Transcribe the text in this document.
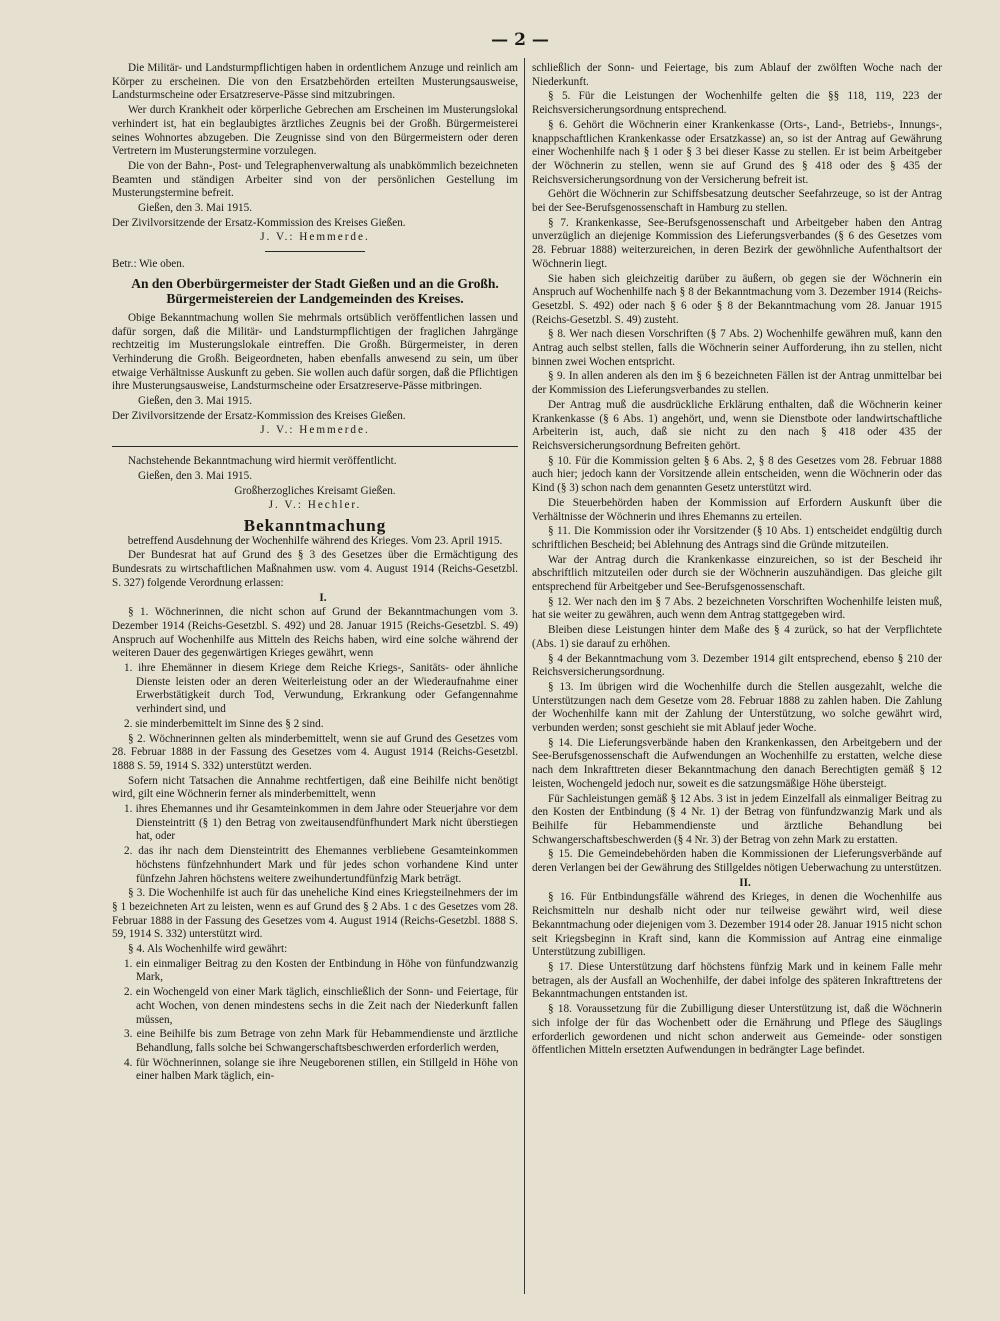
— 2 —

Die Militär- und Landsturmpflichtigen haben in ordentlichem Anzuge und reinlich am Körper zu erscheinen. Die von den Ersatzbehörden erteilten Musterungsausweise, Landsturmscheine oder Ersatzreserve-Pässe sind mitzubringen.

Wer durch Krankheit oder körperliche Gebrechen am Erscheinen im Musterungslokal verhindert ist, hat ein beglaubigtes ärztliches Zeugnis bei der Großh. Bürgermeisterei seines Wohnortes abzugeben. Die Zeugnisse sind von den Bürgermeistern oder deren Vertretern im Musterungstermine vorzulegen.

Die von der Bahn-, Post- und Telegraphenverwaltung als unabkömmlich bezeichneten Beamten und ständigen Arbeiter sind von der persönlichen Gestellung im Musterungstermine befreit.

Gießen, den 3. Mai 1915.

Der Zivilvorsitzende der Ersatz-Kommission des Kreises Gießen.

J. V.: Hemmerde.

Betr.: Wie oben.

An den Oberbürgermeister der Stadt Gießen und an die Großh. Bürgermeistereien der Landgemeinden des Kreises.

Obige Bekanntmachung wollen Sie mehrmals ortsüblich veröffentlichen lassen und dafür sorgen, daß die Militär- und Landsturmpflichtigen der fraglichen Jahrgänge rechtzeitig im Musterungslokale eintreffen. Die Großh. Bürgermeister, in deren Verhinderung die Großh. Beigeordneten, haben ebenfalls anwesend zu sein, um über etwaige Verhältnisse Auskunft zu geben. Sie wollen auch dafür sorgen, daß die Pflichtigen ihre Musterungsausweise, Landsturmscheine oder Ersatzreserve-Pässe mitbringen.

Gießen, den 3. Mai 1915.

Der Zivilvorsitzende der Ersatz-Kommission des Kreises Gießen.

J. V.: Hemmerde.

Nachstehende Bekanntmachung wird hiermit veröffentlicht.

Gießen, den 3. Mai 1915.

Großherzogliches Kreisamt Gießen.

J. V.: Hechler.

Bekanntmachung

betreffend Ausdehnung der Wochenhilfe während des Krieges. Vom 23. April 1915.

Der Bundesrat hat auf Grund des § 3 des Gesetzes über die Ermächtigung des Bundesrats zu wirtschaftlichen Maßnahmen usw. vom 4. August 1914 (Reichs-Gesetzbl. S. 327) folgende Verordnung erlassen:

I.

§ 1. Wöchnerinnen, die nicht schon auf Grund der Bekanntmachungen vom 3. Dezember 1914 (Reichs-Gesetzbl. S. 492) und 28. Januar 1915 (Reichs-Gesetzbl. S. 49) Anspruch auf Wochenhilfe aus Mitteln des Reichs haben, wird eine solche während der weiteren Dauer des gegenwärtigen Krieges gewährt, wenn

1. ihre Ehemänner in diesem Kriege dem Reiche Kriegs-, Sanitäts- oder ähnliche Dienste leisten oder an deren Weiterleistung oder an der Wiederaufnahme einer Erwerbstätigkeit durch Tod, Verwundung, Erkrankung oder Gefangennahme verhindert sind, und
2. sie minderbemittelt im Sinne des § 2 sind.

§ 2. Wöchnerinnen gelten als minderbemittelt, wenn sie auf Grund des Gesetzes vom 28. Februar 1888 in der Fassung des Gesetzes vom 4. August 1914 (Reichs-Gesetzbl. 1888 S. 59, 1914 S. 332) unterstützt werden.

Sofern nicht Tatsachen die Annahme rechtfertigen, daß eine Beihilfe nicht benötigt wird, gilt eine Wöchnerin ferner als minderbemittelt, wenn

1. ihres Ehemannes und ihr Gesamteinkommen in dem Jahre oder Steuerjahre vor dem Diensteintritt (§ 1) den Betrag von zweitausendfünfhundert Mark nicht überstiegen hat, oder
2. das ihr nach dem Diensteintritt des Ehemannes verbliebene Gesamteinkommen höchstens fünfzehnhundert Mark und für jedes schon vorhandene Kind unter fünfzehn Jahren höchstens weitere zweihundertundfünfzig Mark beträgt.

§ 3. Die Wochenhilfe ist auch für das uneheliche Kind eines Kriegsteilnehmers der im § 1 bezeichneten Art zu leisten, wenn es auf Grund des § 2 Abs. 1 c des Gesetzes vom 28. Februar 1888 in der Fassung des Gesetzes vom 4. August 1914 (Reichs-Gesetzbl. 1888 S. 59, 1914 S. 332) unterstützt wird.

§ 4. Als Wochenhilfe wird gewährt:

1. ein einmaliger Beitrag zu den Kosten der Entbindung in Höhe von fünfundzwanzig Mark,
2. ein Wochengeld von einer Mark täglich, einschließlich der Sonn- und Feiertage, für acht Wochen, von denen mindestens sechs in die Zeit nach der Niederkunft fallen müssen,
3. eine Beihilfe bis zum Betrage von zehn Mark für Hebammendienste und ärztliche Behandlung, falls solche bei Schwangerschaftsbeschwerden erforderlich werden,
4. für Wöchnerinnen, solange sie ihre Neugeborenen stillen, ein Stillgeld in Höhe von einer halben Mark täglich, ein-

schließlich der Sonn- und Feiertage, bis zum Ablauf der zwölften Woche nach der Niederkunft.

§ 5. Für die Leistungen der Wochenhilfe gelten die §§ 118, 119, 223 der Reichsversicherungsordnung entsprechend.

§ 6. Gehört die Wöchnerin einer Krankenkasse (Orts-, Land-, Betriebs-, Innungs-, knappschaftlichen Krankenkasse oder Ersatzkasse) an, so ist der Antrag auf Gewährung einer Wochenhilfe nach § 1 oder § 3 bei dieser Kasse zu stellen. Er ist beim Arbeitgeber der Wöchnerin zu stellen, wenn sie auf Grund des § 418 oder des § 435 der Reichsversicherungsordnung von der Versicherung befreit ist.

Gehört die Wöchnerin zur Schiffsbesatzung deutscher Seefahrzeuge, so ist der Antrag bei der See-Berufsgenossenschaft in Hamburg zu stellen.

§ 7. Krankenkasse, See-Berufsgenossenschaft und Arbeitgeber haben den Antrag unverzüglich an diejenige Kommission des Lieferungsverbandes (§ 6 des Gesetzes vom 28. Februar 1888) weiterzureichen, in deren Bezirk der gewöhnliche Aufenthaltsort der Wöchnerin liegt.

Sie haben sich gleichzeitig darüber zu äußern, ob gegen sie der Wöchnerin ein Anspruch auf Wochenhilfe nach § 8 der Bekanntmachung vom 3. Dezember 1914 (Reichs-Gesetzbl. S. 492) oder nach § 6 oder § 8 der Bekanntmachung vom 28. Januar 1915 (Reichs-Gesetzbl. S. 49) zusteht.

§ 8. Wer nach diesen Vorschriften (§ 7 Abs. 2) Wochenhilfe gewähren muß, kann den Antrag auch selbst stellen, falls die Wöchnerin seiner Aufforderung, ihn zu stellen, nicht binnen zwei Wochen entspricht.

§ 9. In allen anderen als den im § 6 bezeichneten Fällen ist der Antrag unmittelbar bei der Kommission des Lieferungsverbandes zu stellen.

Der Antrag muß die ausdrückliche Erklärung enthalten, daß die Wöchnerin keiner Krankenkasse (§ 6 Abs. 1) angehört, und, wenn sie Dienstbote oder landwirtschaftliche Arbeiterin ist, auch, daß sie nicht zu den nach § 418 oder 435 der Reichsversicherungsordnung Befreiten gehört.

§ 10. Für die Kommission gelten § 6 Abs. 2, § 8 des Gesetzes vom 28. Februar 1888 auch hier; jedoch kann der Vorsitzende allein entscheiden, wenn die Wöchnerin oder das Kind (§ 3) schon nach dem genannten Gesetz unterstützt wird.

Die Steuerbehörden haben der Kommission auf Erfordern Auskunft über die Verhältnisse der Wöchnerin und ihres Ehemanns zu erteilen.

§ 11. Die Kommission oder ihr Vorsitzender (§ 10 Abs. 1) entscheidet endgültig durch schriftlichen Bescheid; bei Ablehnung des Antrags sind die Gründe mitzuteilen.

War der Antrag durch die Krankenkasse einzureichen, so ist der Bescheid ihr abschriftlich mitzuteilen oder durch sie der Wöchnerin auszuhändigen. Das gleiche gilt entsprechend für Arbeitgeber und See-Berufsgenossenschaft.

§ 12. Wer nach den im § 7 Abs. 2 bezeichneten Vorschriften Wochenhilfe leisten muß, hat sie weiter zu gewähren, auch wenn dem Antrag stattgegeben wird.

Bleiben diese Leistungen hinter dem Maße des § 4 zurück, so hat der Verpflichtete (Abs. 1) sie darauf zu erhöhen.

§ 4 der Bekanntmachung vom 3. Dezember 1914 gilt entsprechend, ebenso § 210 der Reichsversicherungsordnung.

§ 13. Im übrigen wird die Wochenhilfe durch die Stellen ausgezahlt, welche die Unterstützungen nach dem Gesetze vom 28. Februar 1888 zu zahlen haben. Die Zahlung der Wochenhilfe kann mit der Zahlung der Unterstützung, wo solche gewährt wird, verbunden werden; sonst geschieht sie mit Ablauf jeder Woche.

§ 14. Die Lieferungsverbände haben den Krankenkassen, den Arbeitgebern und der See-Berufsgenossenschaft die Aufwendungen an Wochenhilfe zu erstatten, welche diese nach dem Inkrafttreten dieser Bekanntmachung den danach Berechtigten gemäß § 12 leisten, Wochengeld jedoch nur, soweit es die satzungsmäßige Höhe übersteigt.

Für Sachleistungen gemäß § 12 Abs. 3 ist in jedem Einzelfall als einmaliger Beitrag zu den Kosten der Entbindung (§ 4 Nr. 1) der Betrag von fünfundzwanzig Mark und als Beihilfe für Hebammendienste und ärztliche Behandlung bei Schwangerschaftsbeschwerden (§ 4 Nr. 3) der Betrag von zehn Mark zu erstatten.

§ 15. Die Gemeindebehörden haben die Kommissionen der Lieferungsverbände auf deren Verlangen bei der Gewährung des Stillgeldes nötigen Ueberwachung zu unterstützen.

II.

§ 16. Für Entbindungsfälle während des Krieges, in denen die Wochenhilfe aus Reichsmitteln nur deshalb nicht oder nur teilweise gewährt wird, weil diese Bekanntmachung oder diejenigen vom 3. Dezember 1914 oder 28. Januar 1915 nicht schon seit Kriegsbeginn in Kraft sind, kann die Kommission auf Antrag eine einmalige Unterstützung zubilligen.

§ 17. Diese Unterstützung darf höchstens fünfzig Mark und in keinem Falle mehr betragen, als der Ausfall an Wochenhilfe, der dabei infolge des späteren Inkrafttretens der Bekanntmachungen entstanden ist.

§ 18. Voraussetzung für die Zubilligung dieser Unterstützung ist, daß die Wöchnerin sich infolge der für das Wochenbett oder die Ernährung und Pflege des Säuglings erforderlich gewordenen und nicht schon anderweit aus Gemeinde- oder sonstigen öffentlichen Mitteln ersetzten Aufwendungen in bedrängter Lage befindet.
